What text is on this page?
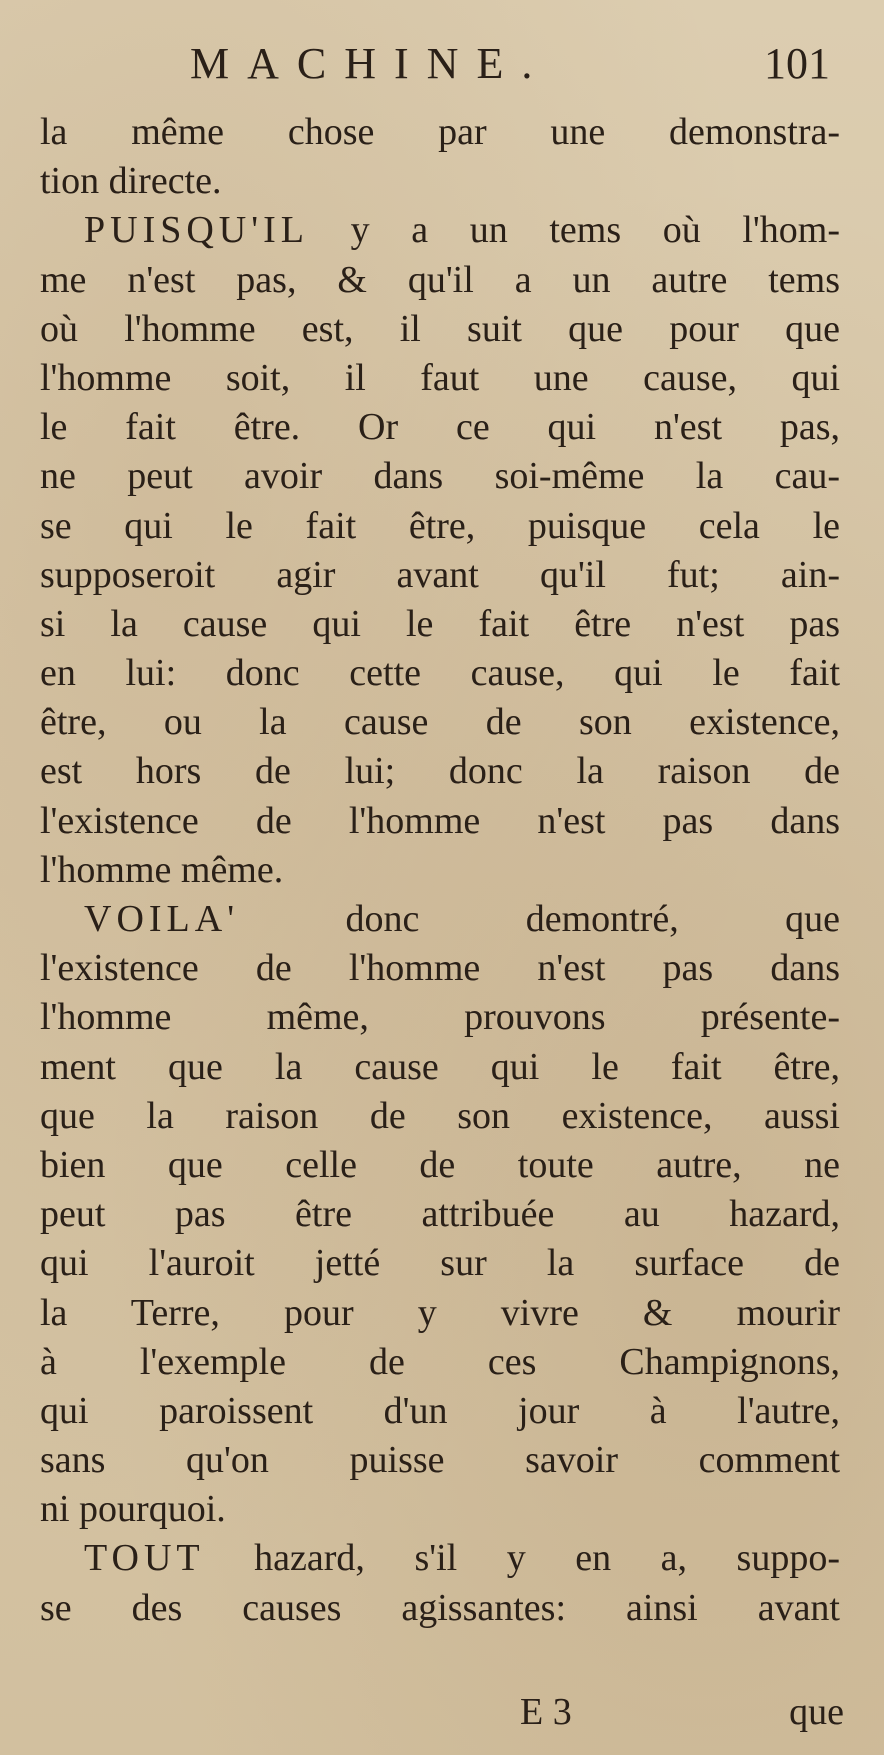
MACHINE.	101
la même chose par une demonstra-
tion directe.
PUISQU'IL y a un tems où l'hom-
me n'est pas, & qu'il a un autre tems
où l'homme est, il suit que pour que
l'homme soit, il faut une cause, qui
le fait être. Or ce qui n'est pas,
ne peut avoir dans soi-même la cau-
se qui le fait être, puisque cela le
supposeroit agir avant qu'il fut; ain-
si la cause qui le fait être n'est pas
en lui: donc cette cause, qui le fait
être, ou la cause de son existence,
est hors de lui; donc la raison de
l'existence de l'homme n'est pas dans
l'homme même.
VOILA' donc demontré, que
l'existence de l'homme n'est pas dans
l'homme même, prouvons présente-
ment que la cause qui le fait être,
que la raison de son existence, aussi
bien que celle de toute autre, ne
peut pas être attribuée au hazard,
qui l'auroit jetté sur la surface de
la Terre, pour y vivre & mourir
à l'exemple de ces Champignons,
qui paroissent d'un jour à l'autre,
sans qu'on puisse savoir comment
ni pourquoi.
TOUT hazard, s'il y en a, suppo-
se des causes agissantes: ainsi avant
E 3	que
